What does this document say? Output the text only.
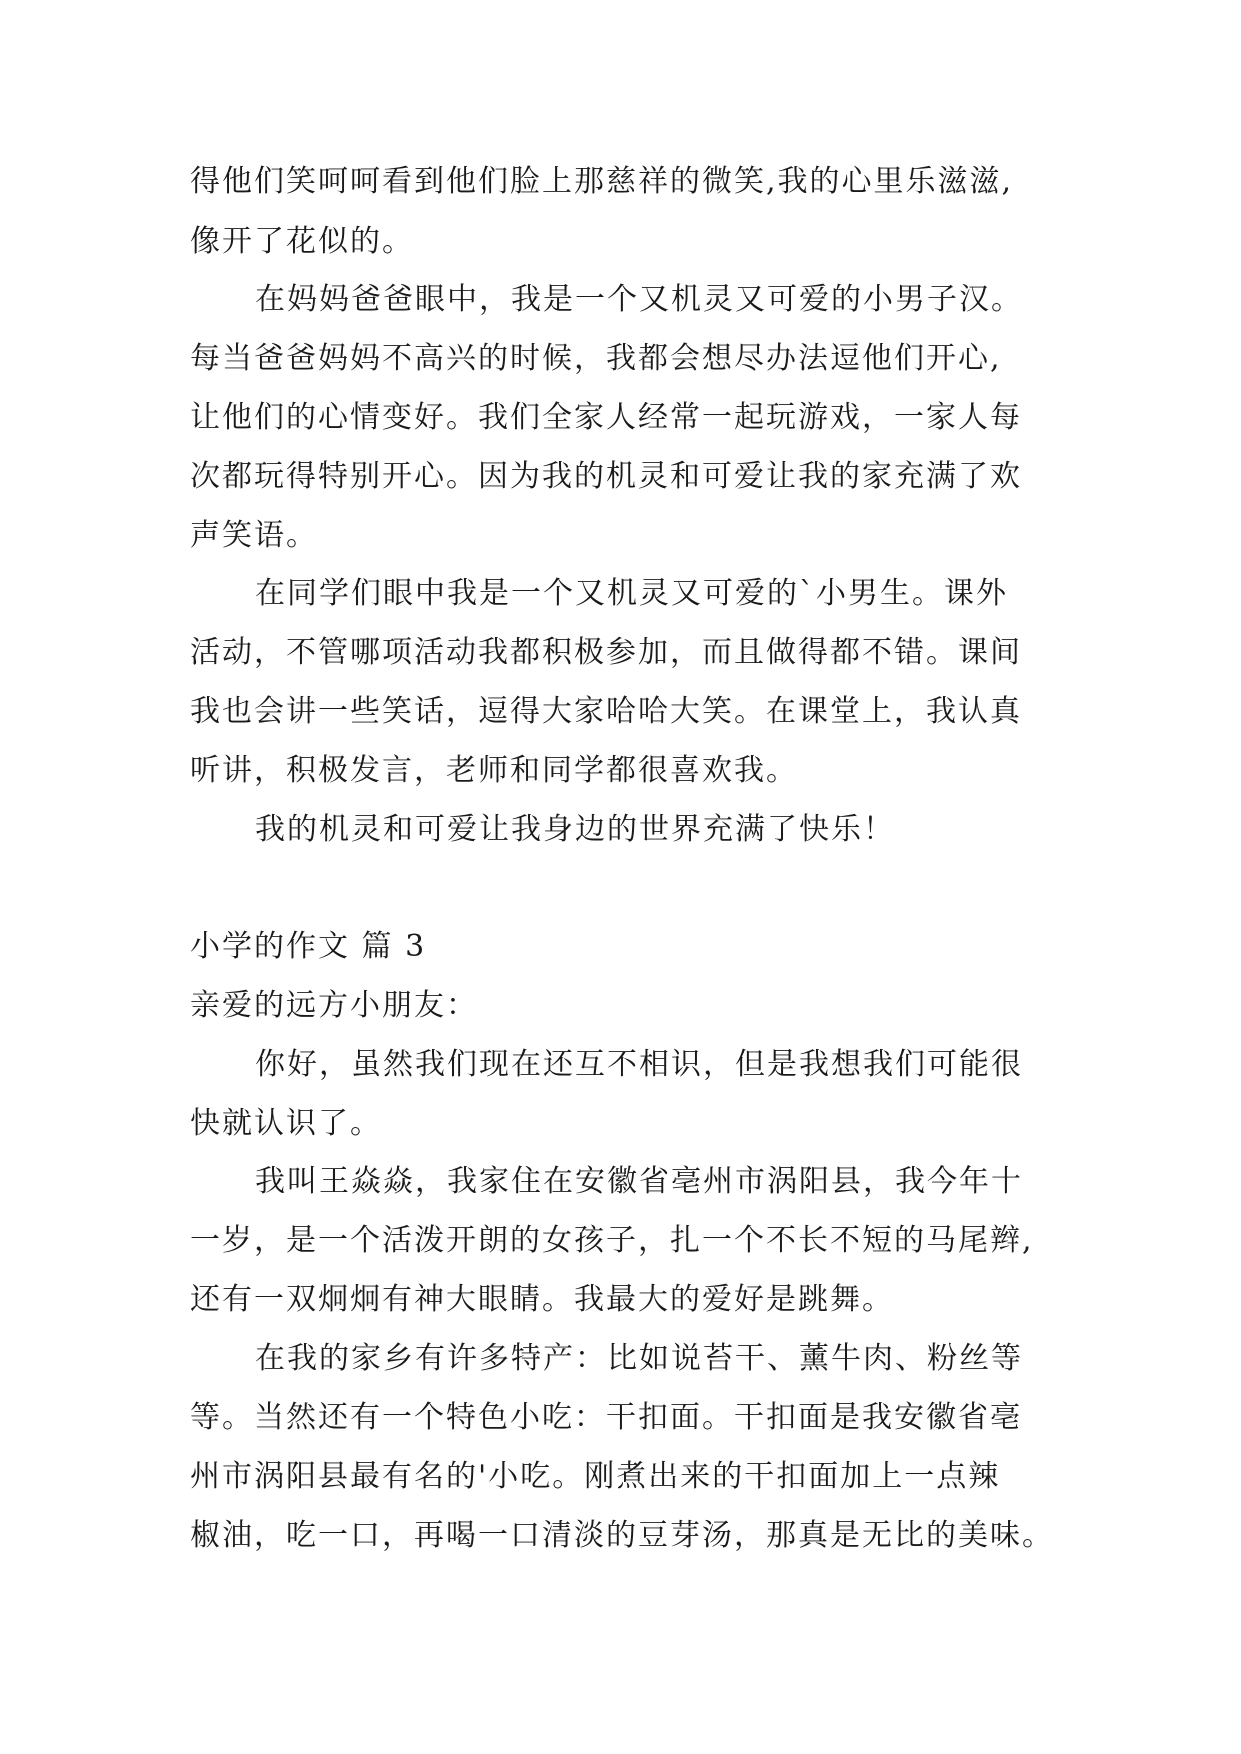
得他们笑呵呵看到他们脸上那慈祥的微笑,我的心里乐滋滋,
像开了花似的。
在妈妈爸爸眼中，我是一个又机灵又可爱的小男子汉。
每当爸爸妈妈不高兴的时候，我都会想尽办法逗他们开心,
让他们的心情变好。我们全家人经常一起玩游戏，一家人每
次都玩得特别开心。因为我的机灵和可爱让我的家充满了欢
声笑语。
在同学们眼中我是一个又机灵又可爱的`小男生。课外
活动，不管哪项活动我都积极参加，而且做得都不错。课间
我也会讲一些笑话，逗得大家哈哈大笑。在课堂上，我认真
听讲，积极发言，老师和同学都很喜欢我。
我的机灵和可爱让我身边的世界充满了快乐！
小学的作文 篇 3
亲爱的远方小朋友：
你好，虽然我们现在还互不相识，但是我想我们可能很
快就认识了。
我叫王焱焱，我家住在安徽省亳州市涡阳县，我今年十
一岁，是一个活泼开朗的女孩子，扎一个不长不短的马尾辫,
还有一双炯炯有神大眼睛。我最大的爱好是跳舞。
在我的家乡有许多特产：比如说苔干、薰牛肉、粉丝等
等。当然还有一个特色小吃：干扣面。干扣面是我安徽省亳
州市涡阳县最有名的'小吃。刚煮出来的干扣面加上一点辣
椒油，吃一口，再喝一口清淡的豆芽汤，那真是无比的美味。
